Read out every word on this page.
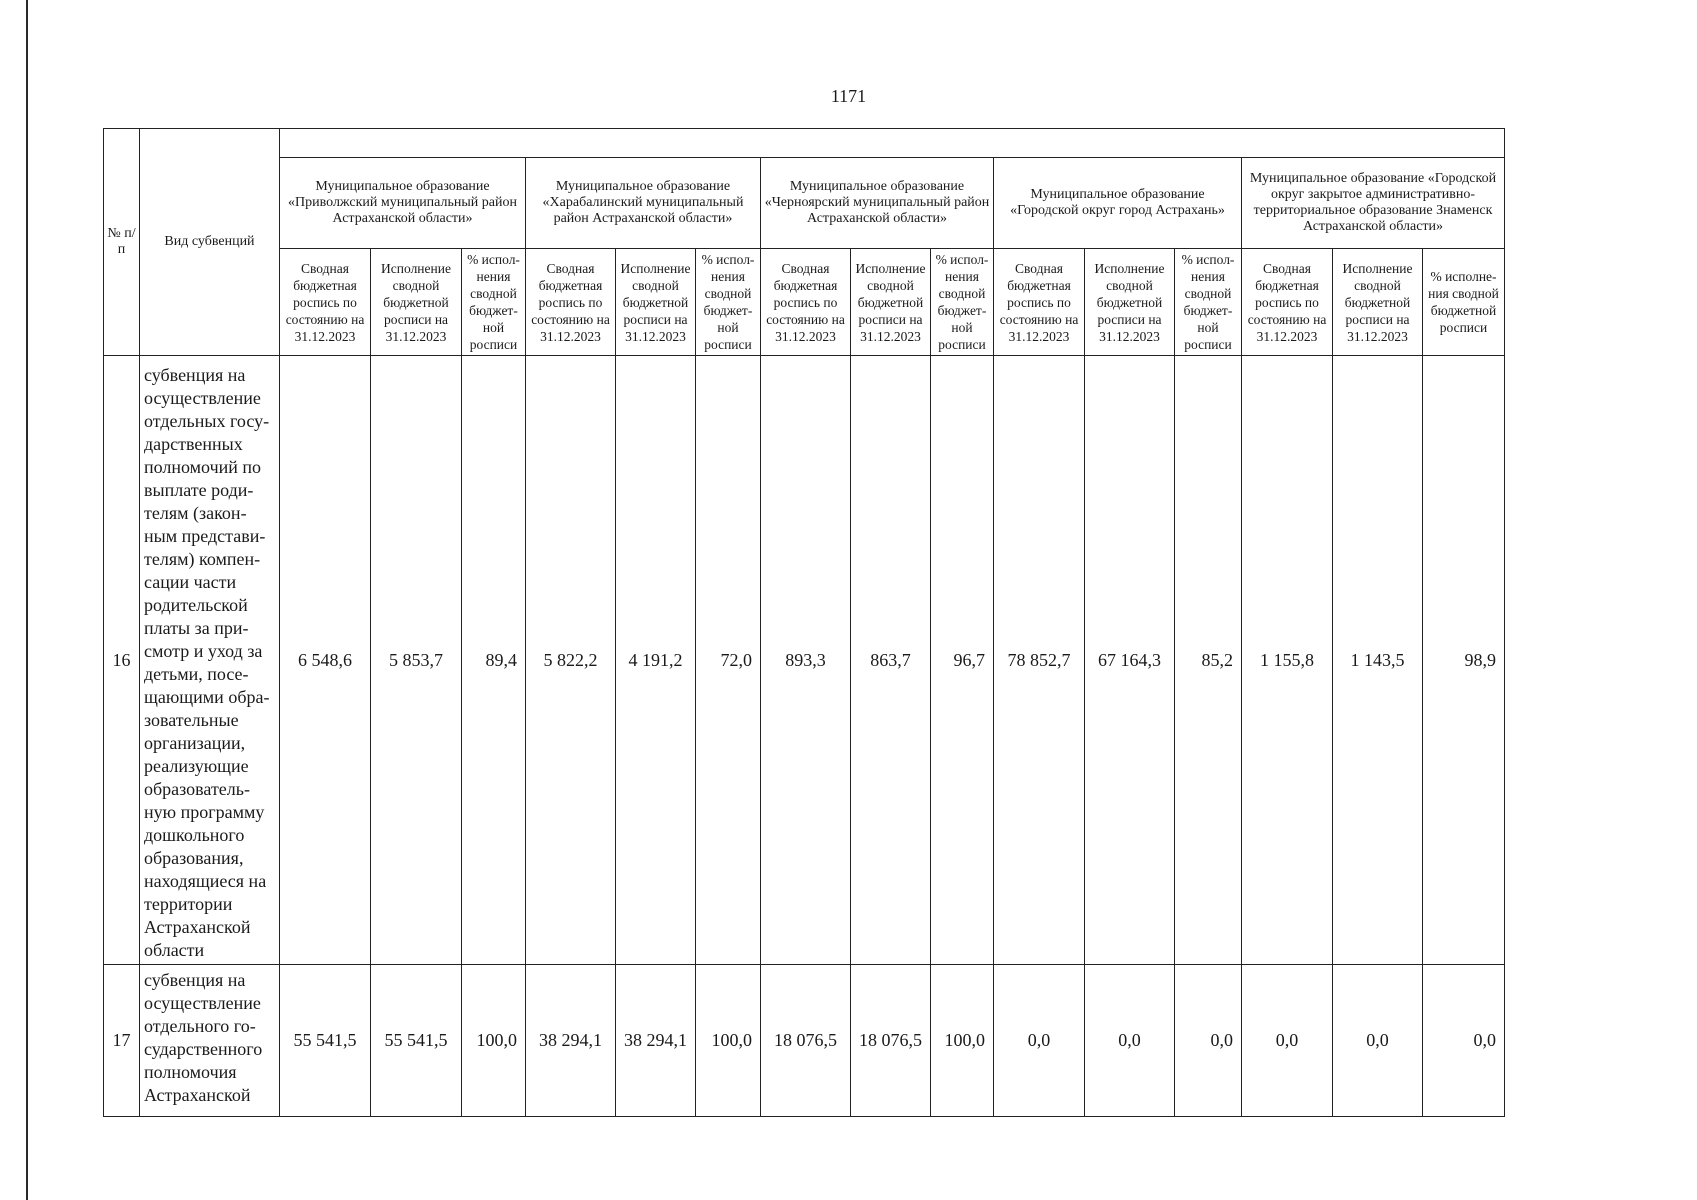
1171
№ п/п	Вид субвенций															
		Муниципальное образование «Приволжский муниципальный район Астраханской области»			Муниципальное образование «Харабалинский муниципальный район Астраханской области»			Муниципальное образование «Черноярский муниципальный район Астраханской области»			Муниципальное образование «Городской округ город Астрахань»			Муниципальное образование «Городской округ закрытое административно-территориальное образование Знаменск Астраханской области»		
		Сводная бюджетная роспись по состоянию на 31.12.2023	Исполнение сводной бюджетной росписи на 31.12.2023	% испол-нения сводной бюджет-ной росписи	Сводная бюджетная роспись по состоянию на 31.12.2023	Исполнение сводной бюджетной росписи на 31.12.2023	% испол-нения сводной бюджет-ной росписи	Сводная бюджетная роспись по состоянию на 31.12.2023	Исполнение сводной бюджетной росписи на 31.12.2023	% испол-нения сводной бюджет-ной росписи	Сводная бюджетная роспись по состоянию на 31.12.2023	Исполнение сводной бюджетной росписи на 31.12.2023	% испол-нения сводной бюджет-ной росписи	Сводная бюджетная роспись по состоянию на 31.12.2023	Исполнение сводной бюджетной росписи на 31.12.2023	% исполне-ния сводной бюджетной росписи
16	субвенция на осуществление отдельных госу-дарственных полномочий по выплате роди-телям (закон-ным представи-телям) компен-сации части родительской платы за при-смотр и уход за детьми, посе-щающими обра-зовательные организации, реализующие образователь-ную программу дошкольного образования, находящиеся на территории Астраханской области	6 548,6	5 853,7	89,4	5 822,2	4 191,2	72,0	893,3	863,7	96,7	78 852,7	67 164,3	85,2	1 155,8	1 143,5	98,9
17	субвенция на осуществление отдельного го-сударственного полномочия Астраханской	55 541,5	55 541,5	100,0	38 294,1	38 294,1	100,0	18 076,5	18 076,5	100,0	0,0	0,0	0,0	0,0	0,0	0,0
